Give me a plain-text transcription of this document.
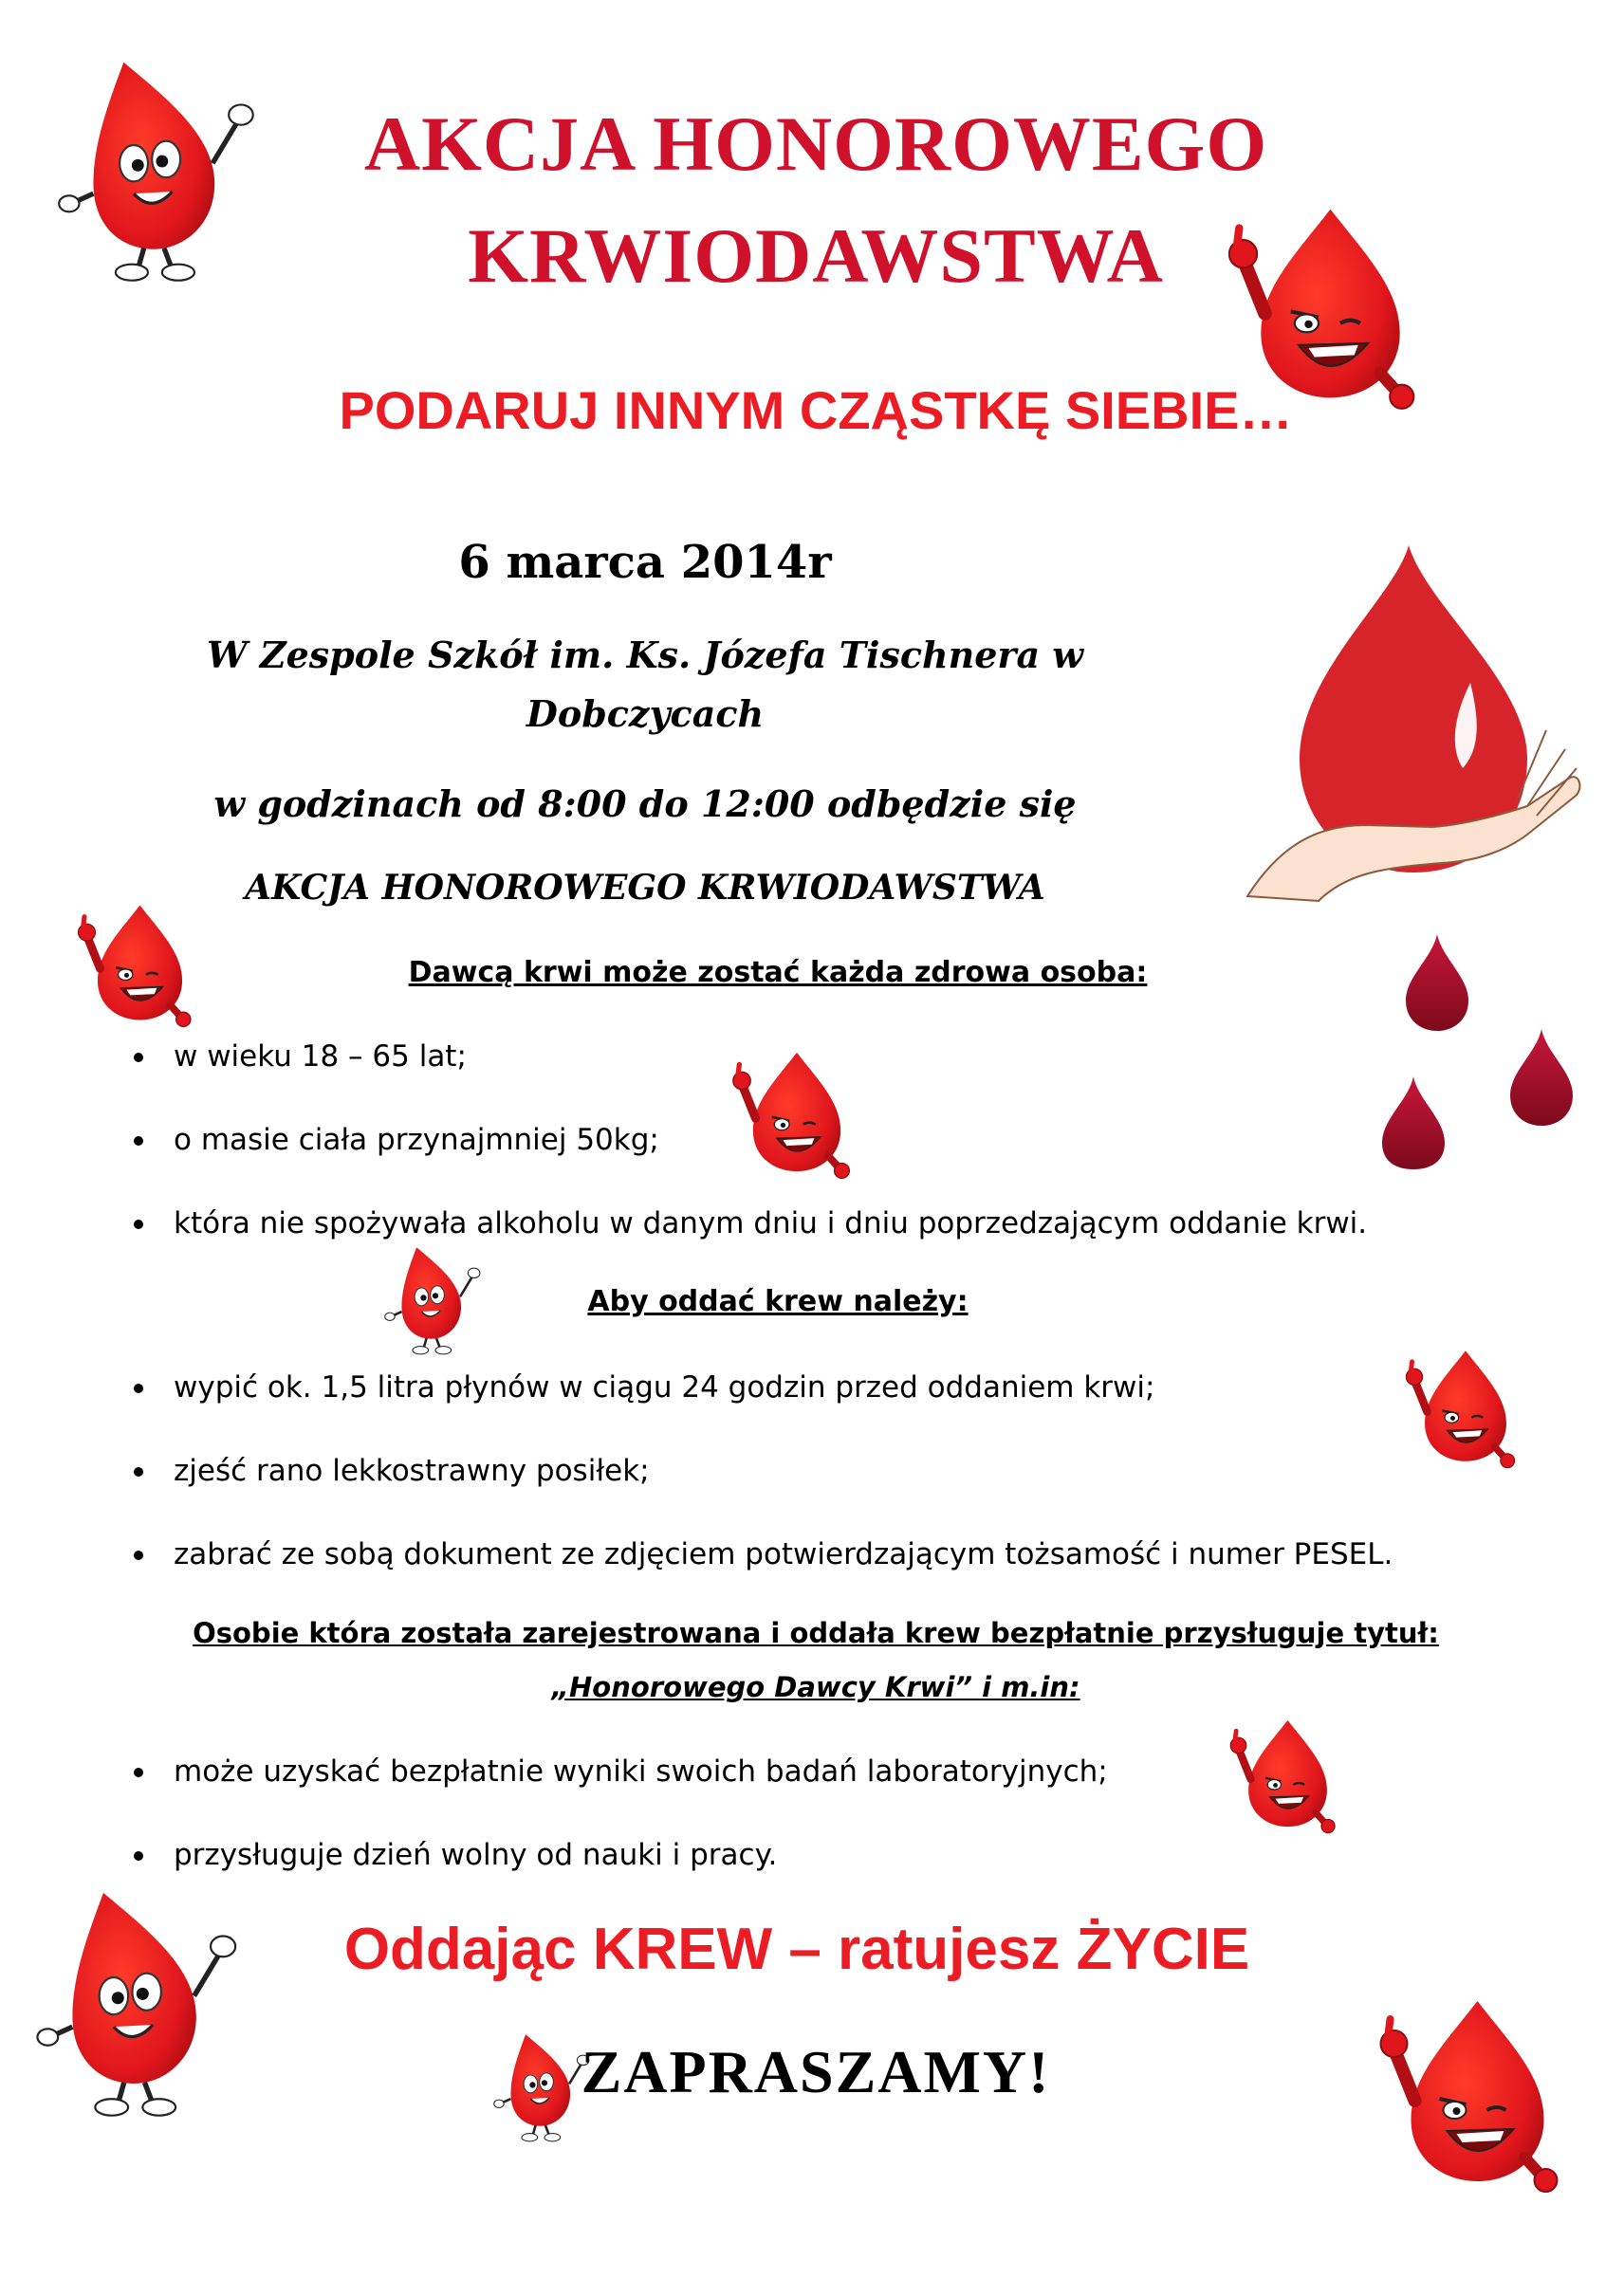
AKCJA HONOROWEGO
KRWIODAWSTWA
PODARUJ INNYM CZĄSTKĘ SIEBIE…
6 marca 2014r
W Zespole Szkół im. Ks. Józefa Tischnera w
Dobczycach
w godzinach od 8:00 do 12:00 odbędzie się
AKCJA HONOROWEGO KRWIODAWSTWA
Dawcą krwi może zostać każda zdrowa osoba:
w wieku 18 – 65 lat;
o masie ciała przynajmniej 50kg;
która nie spożywała alkoholu w danym dniu i dniu poprzedzającym oddanie krwi.
Aby oddać krew należy:
wypić ok. 1,5 litra płynów w ciągu 24 godzin przed oddaniem krwi;
zjeść rano lekkostrawny posiłek;
zabrać ze sobą dokument ze zdjęciem potwierdzającym tożsamość i numer PESEL.
Osobie która została zarejestrowana i oddała krew bezpłatnie przysługuje tytuł:
„Honorowego Dawcy Krwi” i m.in:
może uzyskać bezpłatnie wyniki swoich badań laboratoryjnych;
przysługuje dzień wolny od nauki i pracy.
Oddając KREW – ratujesz ŻYCIE
ZAPRASZAMY!
